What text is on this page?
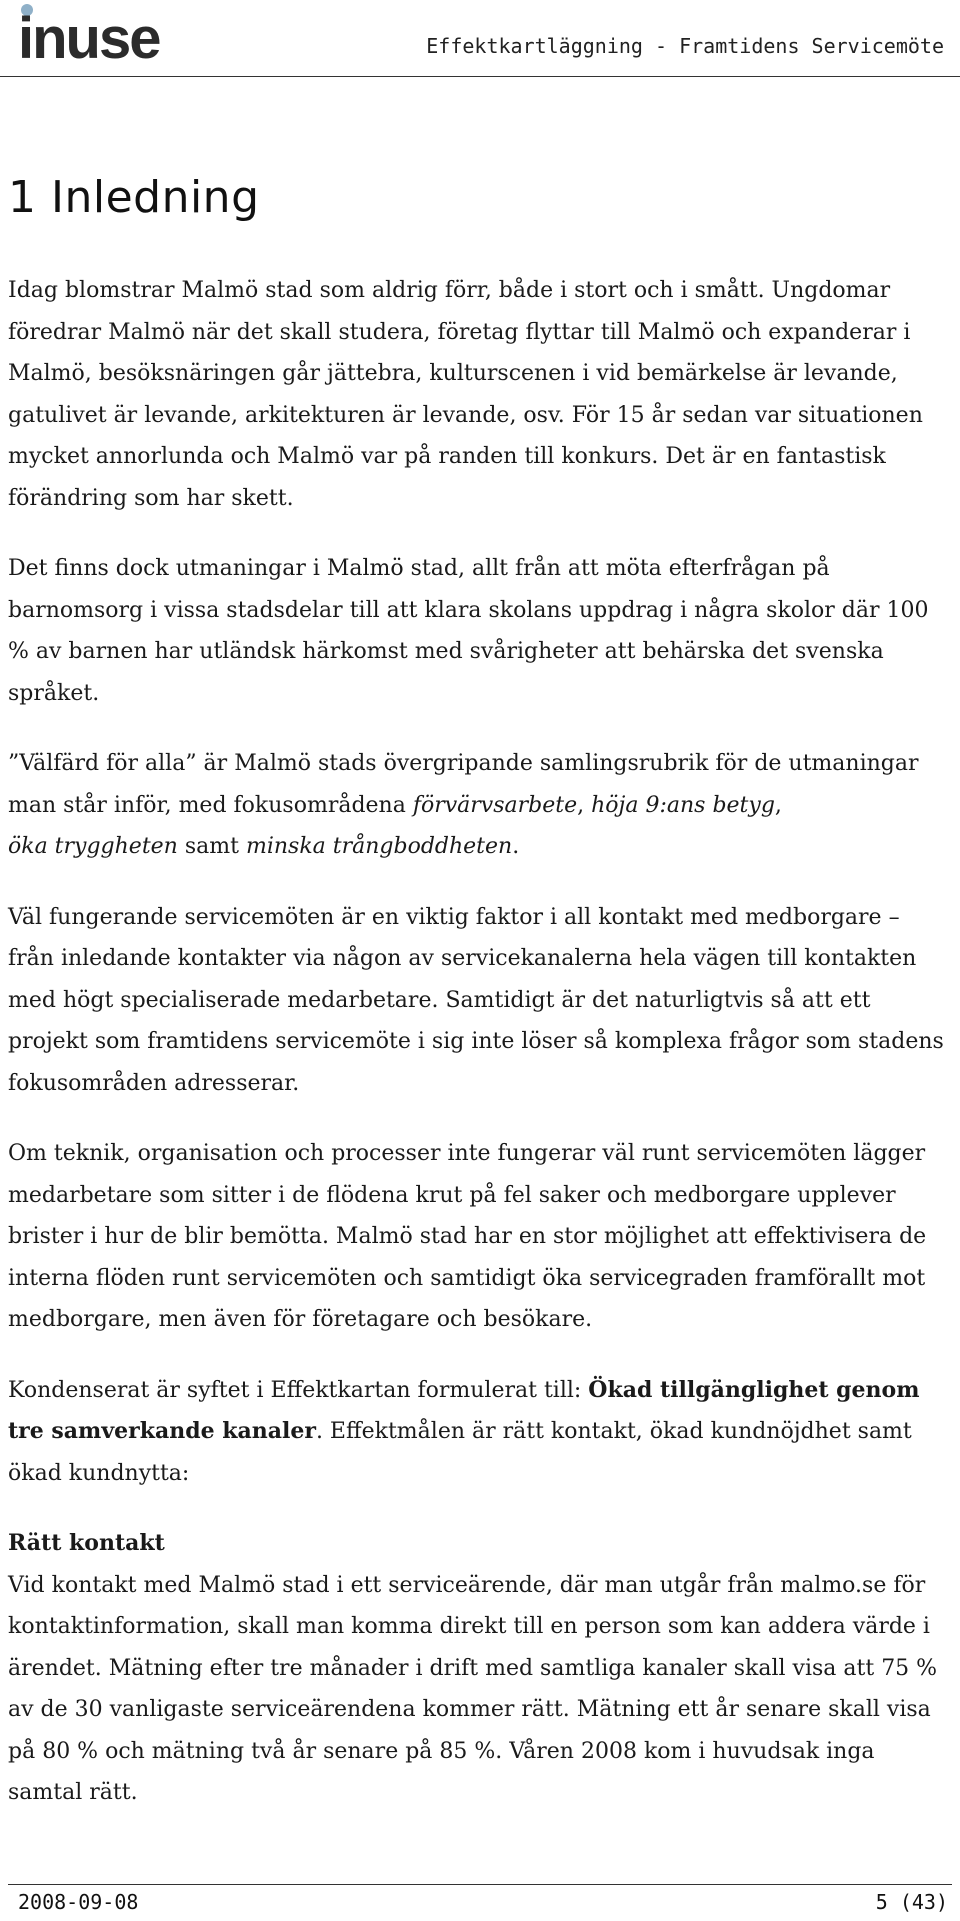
inuse	Effektkartläggning - Framtidens Servicemöte
1 Inledning

Idag blomstrar Malmö stad som aldrig förr, både i stort och i smått. Ungdomar föredrar Malmö när det skall studera, företag flyttar till Malmö och expanderar i Malmö, besöksnäringen går jättebra, kulturscenen i vid bemärkelse är levande, gatulivet är levande, arkitekturen är levande, osv. För 15 år sedan var situationen mycket annorlunda och Malmö var på randen till konkurs. Det är en fantastisk förändring som har skett.

Det finns dock utmaningar i Malmö stad, allt från att möta efterfrågan på barnomsorg i vissa stadsdelar till att klara skolans uppdrag i några skolor där 100 % av barnen har utländsk härkomst med svårigheter att behärska det svenska språket.

”Välfärd för alla” är Malmö stads övergripande samlingsrubrik för de utmaningar man står inför, med fokusområdena förvärvsarbete, höja 9:ans betyg,
öka tryggheten samt minska trångboddheten.

Väl fungerande servicemöten är en viktig faktor i all kontakt med medborgare – från inledande kontakter via någon av servicekanalerna hela vägen till kontakten med högt specialiserade medarbetare. Samtidigt är det naturligtvis så att ett projekt som framtidens servicemöte i sig inte löser så komplexa frågor som stadens fokusområden adresserar.

Om teknik, organisation och processer inte fungerar väl runt servicemöten lägger medarbetare som sitter i de flödena krut på fel saker och medborgare upplever brister i hur de blir bemötta. Malmö stad har en stor möjlighet att effektivisera de interna flöden runt servicemöten och samtidigt öka servicegraden framförallt mot medborgare, men även för företagare och besökare.

Kondenserat är syftet i Effektkartan formulerat till: Ökad tillgänglighet genom tre samverkande kanaler. Effektmålen är rätt kontakt, ökad kundnöjdhet samt ökad kundnytta:

Rätt kontakt

Vid kontakt med Malmö stad i ett serviceärende, där man utgår från malmo.se för kontaktinformation, skall man komma direkt till en person som kan addera värde i ärendet. Mätning efter tre månader i drift med samtliga kanaler skall visa att 75 % av de 30 vanligaste serviceärendena kommer rätt. Mätning ett år senare skall visa på 80 % och mätning två år senare på 85 %. Våren 2008 kom i huvudsak inga samtal rätt.

2008-09-08	5 (43)
